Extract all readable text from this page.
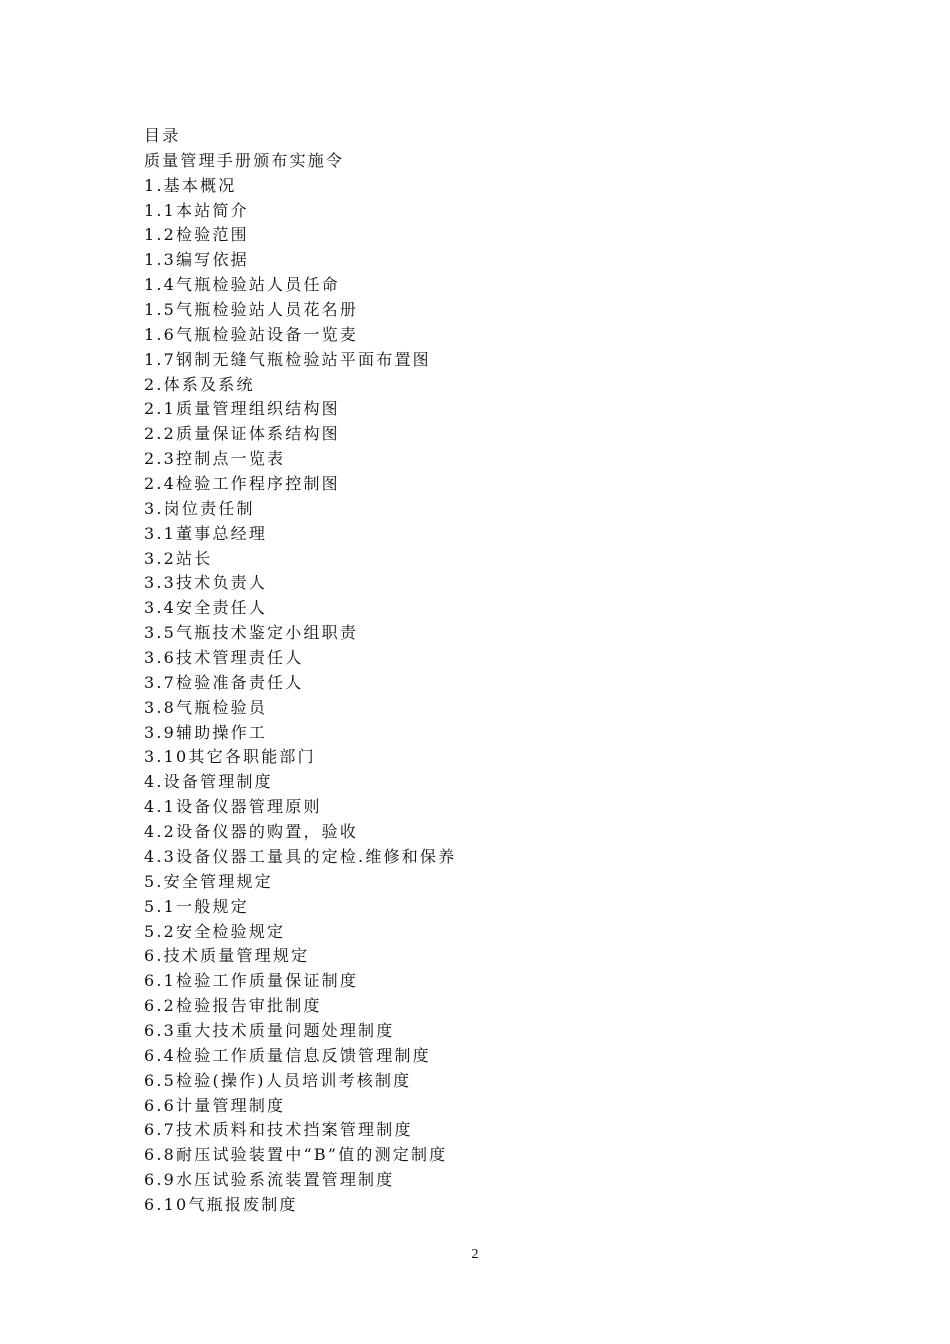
目录
质量管理手册颁布实施令
1.基本概况
1.1本站简介
1.2检验范围
1.3编写依据
1.4气瓶检验站人员任命
1.5气瓶检验站人员花名册
1.6气瓶检验站设备一览麦
1.7钢制无缝气瓶检验站平面布置图
2.体系及系统
2.1质量管理组织结构图
2.2质量保证体系结构图
2.3控制点一览表
2.4检验工作程序控制图
3.岗位责任制
3.1董事总经理
3.2站长
3.3技术负责人
3.4安全责任人
3.5气瓶技术鉴定小组职责
3.6技术管理责任人
3.7检验准备责任人
3.8气瓶检验员
3.9辅助操作工
3.10其它各职能部门
4.设备管理制度
4.1设备仪器管理原则
4.2设备仪器的购置，验收
4.3设备仪器工量具的定检.维修和保养
5.安全管理规定
5.1一般规定
5.2安全检验规定
6.技术质量管理规定
6.1检验工作质量保证制度
6.2检验报告审批制度
6.3重大技术质量问题处理制度
6.4检验工作质量信息反馈管理制度
6.5检验(操作)人员培训考核制度
6.6计量管理制度
6.7技术质料和技术挡案管理制度
6.8耐压试验装置中“B”值的测定制度
6.9水压试验系流装置管理制度
6.10气瓶报废制度
2
